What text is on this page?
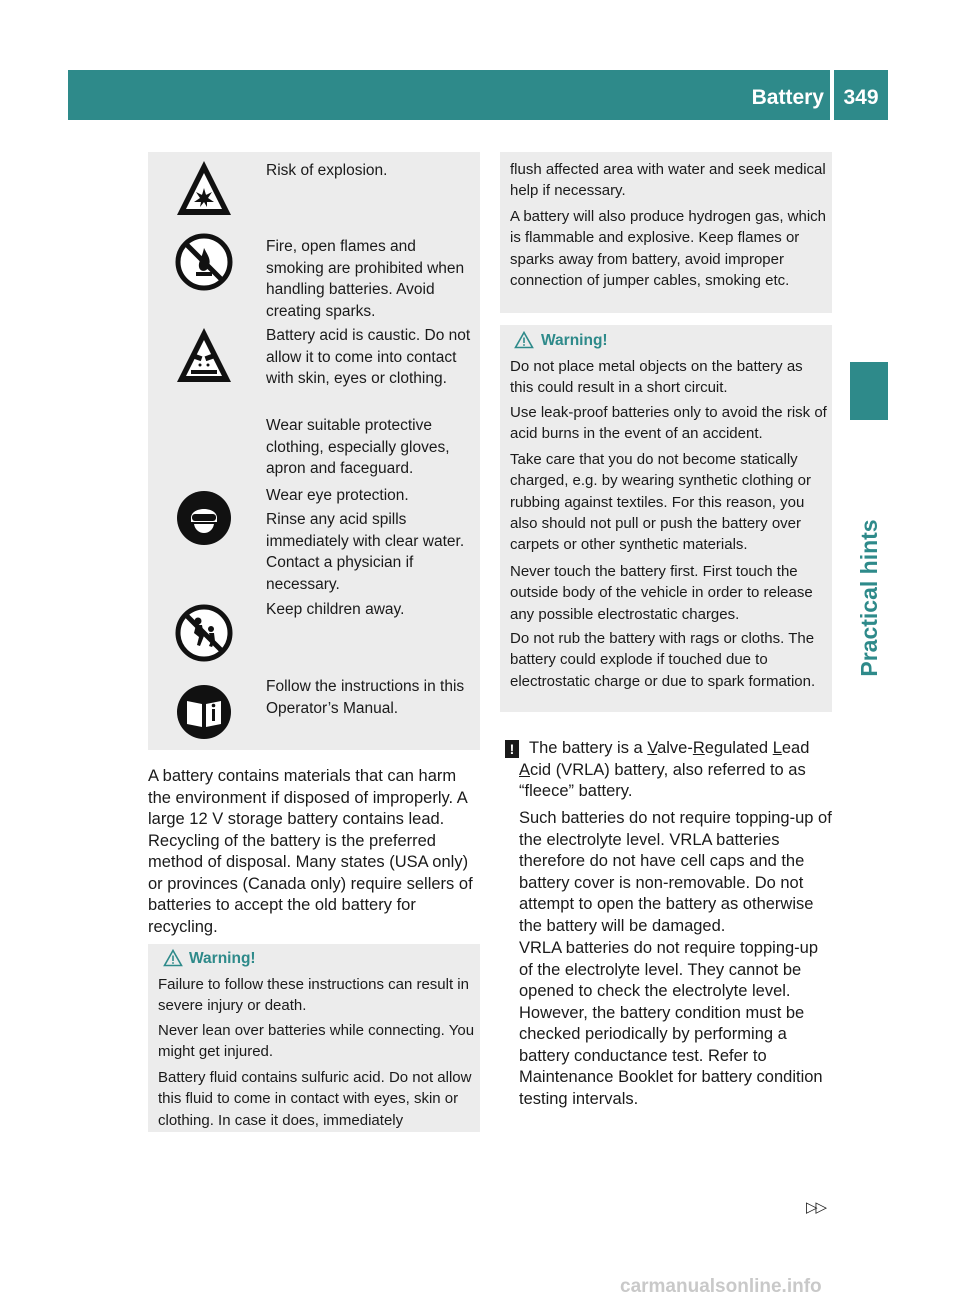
Battery 349
Practical hints
Risk of explosion.
Fire, open flames and smoking are prohibited when handling batteries. Avoid creating sparks.
Battery acid is caustic. Do not allow it to come into contact with skin, eyes or clothing.
Wear suitable protective clothing, especially gloves, apron and faceguard.
Wear eye protection.
Rinse any acid spills immediately with clear water. Contact a physician if necessary.
Keep children away.
Follow the instructions in this Operator’s Manual.
A battery contains materials that can harm the environment if disposed of improperly. A large 12 V storage battery contains lead. Recycling of the battery is the preferred method of disposal. Many states (USA only) or provinces (Canada only) require sellers of batteries to accept the old battery for recycling.
Warning!
Failure to follow these instructions can result in severe injury or death.
Never lean over batteries while connecting. You might get injured.
Battery fluid contains sulfuric acid. Do not allow this fluid to come in contact with eyes, skin or clothing. In case it does, immediately
flush affected area with water and seek medical help if necessary.
A battery will also produce hydrogen gas, which is flammable and explosive. Keep flames or sparks away from battery, avoid improper connection of jumper cables, smoking etc.
Warning!
Do not place metal objects on the battery as this could result in a short circuit.
Use leak-proof batteries only to avoid the risk of acid burns in the event of an accident.
Take care that you do not become statically charged, e.g. by wearing synthetic clothing or rubbing against textiles. For this reason, you also should not pull or push the battery over carpets or other synthetic materials.
Never touch the battery first. First touch the outside body of the vehicle in order to release any possible electrostatic charges.
Do not rub the battery with rags or cloths. The battery could explode if touched due to electrostatic charge or due to spark formation.
! The battery is a Valve-Regulated Lead Acid (VRLA) battery, also referred to as “fleece” battery.
Such batteries do not require topping-up of the electrolyte level. VRLA batteries therefore do not have cell caps and the battery cover is non-removable. Do not attempt to open the battery as otherwise the battery will be damaged.
VRLA batteries do not require topping-up of the electrolyte level. They cannot be opened to check the electrolyte level. However, the battery condition must be checked periodically by performing a battery conductance test. Refer to Maintenance Booklet for battery condition testing intervals.
▷▷
carmanualsonline.info
